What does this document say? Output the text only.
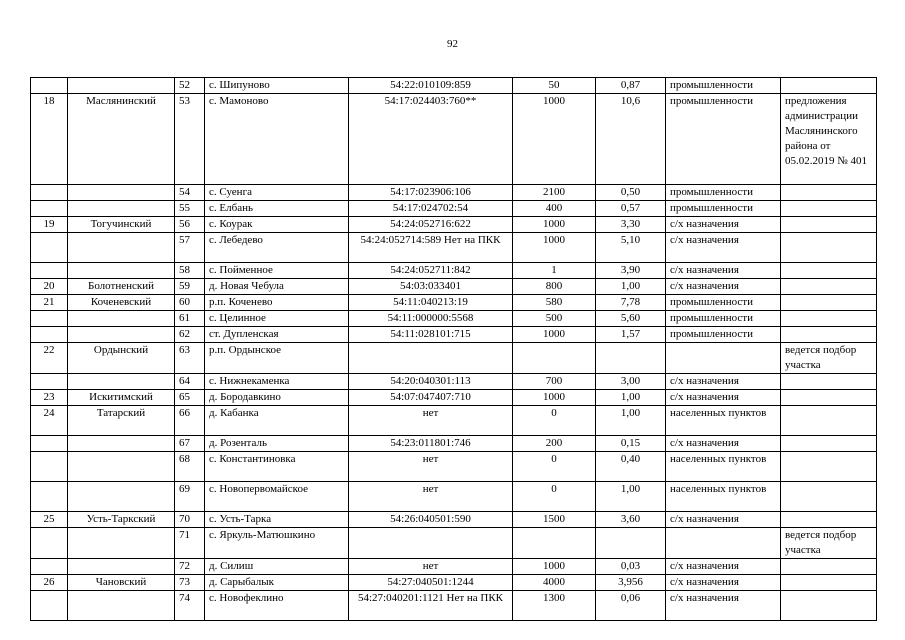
92
		52	с. Шипуново	54:22:010109:859	50	0,87	промышленности	
18	Маслянинский	53	с. Мамоново	54:17:024403:760**	1000	10,6	промышленности	предложения администрации Маслянинского района от 05.02.2019 № 401
		54	с. Суенга	54:17:023906:106	2100	0,50	промышленности	
		55	с. Елбань	54:17:024702:54	400	0,57	промышленности	
19	Тогучинский	56	с. Коурак	54:24:052716:622	1000	3,30	с/х назначения	
		57	с. Лебедево	54:24:052714:589 Нет на ПКК	1000	5,10	с/х назначения	
		58	с. Пойменное	54:24:052711:842	1	3,90	с/х назначения	
20	Болотненский	59	д. Новая Чебула	54:03:033401	800	1,00	с/х назначения	
21	Коченевский	60	р.п. Коченево	54:11:040213:19	580	7,78	промышленности	
		61	с. Целинное	54:11:000000:5568	500	5,60	промышленности	
		62	ст. Дупленская	54:11:028101:715	1000	1,57	промышленности	
22	Ордынский	63	р.п. Ордынское					ведется подбор участка
		64	с. Нижнекаменка	54:20:040301:113	700	3,00	с/х назначения	
23	Искитимский	65	д. Бородавкино	54:07:047407:710	1000	1,00	с/х назначения	
24	Татарский	66	д. Кабанка	нет	0	1,00	населенных пунктов	
		67	д. Розенталь	54:23:011801:746	200	0,15	с/х назначения	
		68	с. Константиновка	нет	0	0,40	населенных пунктов	
		69	с. Новопервомайское	нет	0	1,00	населенных пунктов	
25	Усть-Таркский	70	с. Усть-Тарка	54:26:040501:590	1500	3,60	с/х назначения	
		71	с. Яркуль-Матюшкино					ведется подбор участка
		72	д. Силиш	нет	1000	0,03	с/х назначения	
26	Чановский	73	д. Сарыбалык	54:27:040501:1244	4000	3,956	с/х назначения	
		74	с. Новофеклино	54:27:040201:1121 Нет на ПКК	1300	0,06	с/х назначения	
